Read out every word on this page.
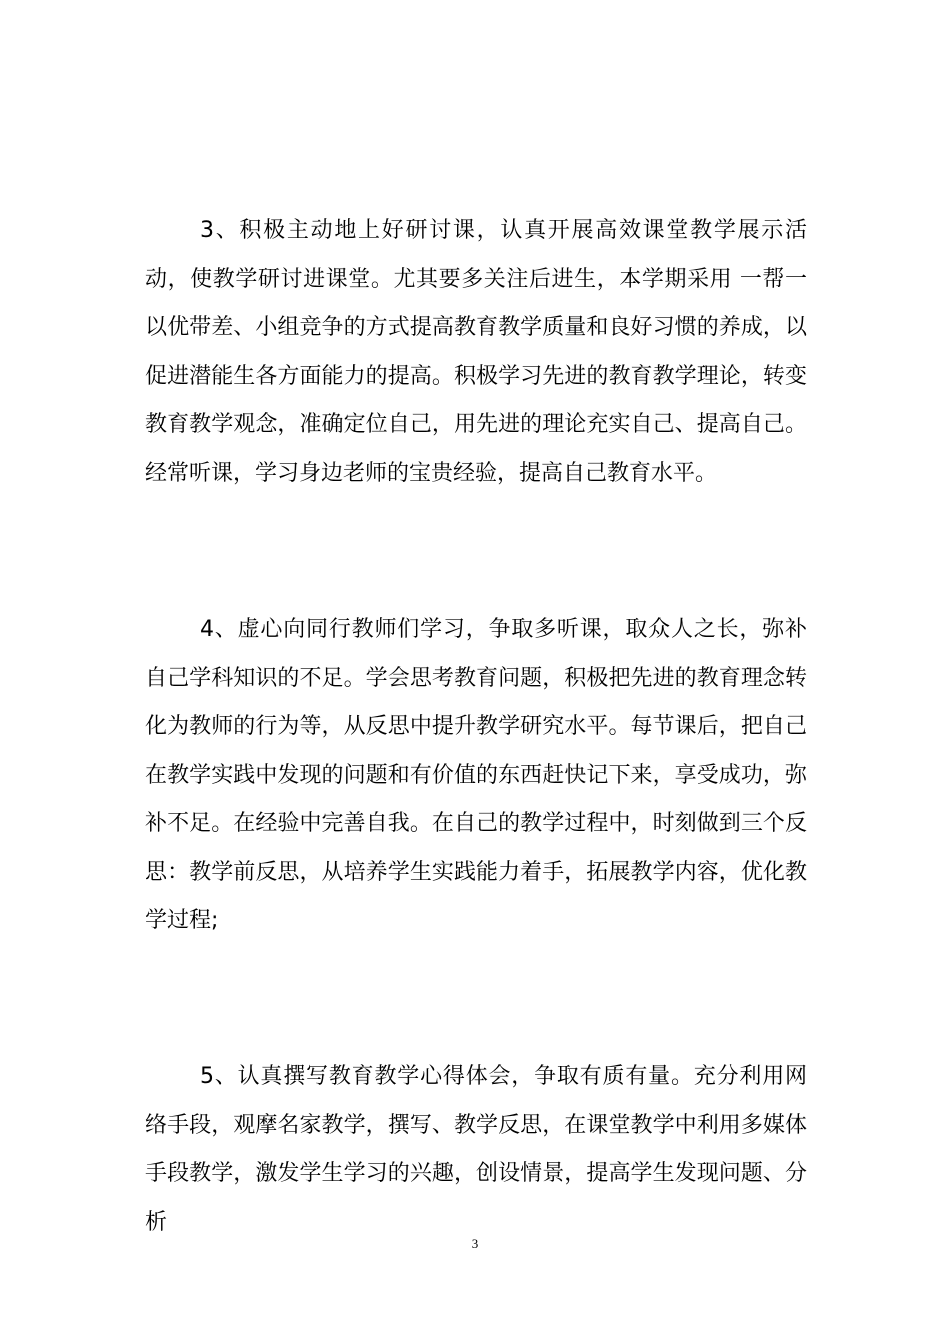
3、积极主动地上好研讨课，认真开展高效课堂教学展示活动，使教学研讨进课堂。尤其要多关注后进生，本学期采用 一帮一 以优带差、小组竞争的方式提高教育教学质量和良好习惯的养成，以促进潜能生各方面能力的提高。积极学习先进的教育教学理论，转变教育教学观念，准确定位自己，用先进的理论充实自己、提高自己。经常听课，学习身边老师的宝贵经验，提高自己教育水平。

4、虚心向同行教师们学习，争取多听课，取众人之长，弥补自己学科知识的不足。学会思考教育问题，积极把先进的教育理念转化为教师的行为等，从反思中提升教学研究水平。每节课后，把自己在教学实践中发现的问题和有价值的东西赶快记下来，享受成功，弥补不足。在经验中完善自我。在自己的教学过程中，时刻做到三个反思：教学前反思，从培养学生实践能力着手，拓展教学内容，优化教学过程;

5、认真撰写教育教学心得体会，争取有质有量。充分利用网络手段，观摩名家教学，撰写、教学反思，在课堂教学中利用多媒体手段教学，激发学生学习的兴趣，创设情景，提高学生发现问题、分析

3
